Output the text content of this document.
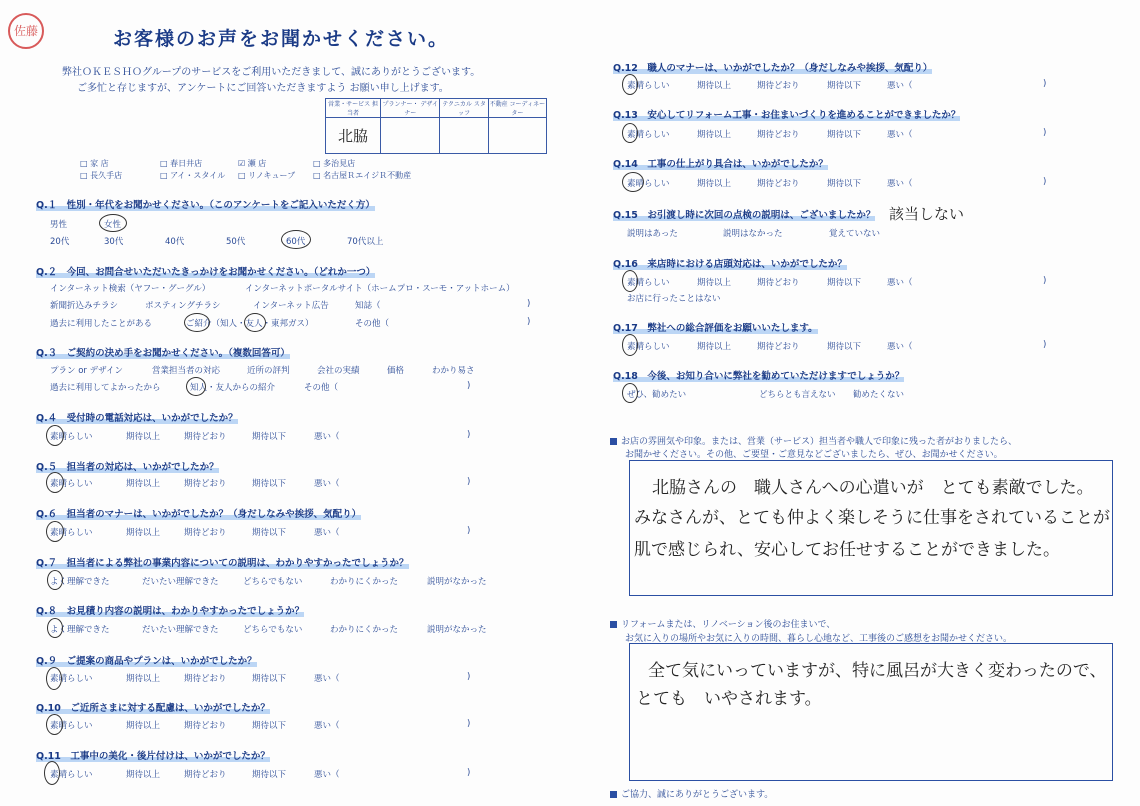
佐藤	お客様のお声をお聞かせください。
弊社ＯＫＥＳＨＯグループのサービスをご利用いただきまして、誠にありがとうございます。
ご多忙と存じますが、アンケートにご回答いただきますよう お願い申し上げます。
営業・サービス 担当者	プランナー・ デザイナー	テクニカル スタッフ	不動産 コーディネーター
北脇			
□ 家 店	□ 春日井店	☑ 瀬 店	□ 多治見店
□ 長久手店	□ アイ・スタイル □ リノキューブ □ 名古屋ＲエイジＲ不動産
Q.１　性別・年代をお聞かせください。（このアンケートをご記入いただく方）
男性	女性
20代	30代	40代	50代	60代	70代以上
Q.２　今回、お問合せいただいたきっかけをお聞かせください。（どれか一つ）
インターネット検索（ヤフー・グーグル）	インターネットポータルサイト（ホームプロ・スーモ・アットホーム）
新聞折込みチラシ	ポスティングチラシ	インターネット広告	知誌（	)
過去に利用したことがある	ご紹介（知人・友人・東邦ガス）	その他（	)
Q.３　ご契約の決め手をお聞かせください。（複数回答可）
プラン or デザイン	営業担当者の対応	近所の評判	会社の実績	価格	わかり易さ
過去に利用してよかったから	知人・友人からの紹介	その他（	)
Q.４　受付時の電話対応は、いかがでしたか？
素晴らしい	期待以上	期待どおり	期待以下	悪い（	)
Q.５　担当者の対応は、いかがでしたか？
素晴らしい	期待以上	期待どおり	期待以下	悪い（	)
Q.６　担当者のマナーは、いかがでしたか？（身だしなみや挨拶、気配り）
素晴らしい	期待以上	期待どおり	期待以下	悪い（	)
Q.７　担当者による弊社の事業内容についての説明は、わかりやすかったでしょうか？
よく理解できた	だいたい理解できた	どちらでもない	わかりにくかった	説明がなかった
Q.８　お見積り内容の説明は、わかりやすかったでしょうか？
よく理解できた	だいたい理解できた	どちらでもない	わかりにくかった	説明がなかった
Q.９　ご提案の商品やプランは、いかがでしたか？
素晴らしい	期待以上	期待どおり	期待以下	悪い（	)
Q.10　ご近所さまに対する配慮は、いかがでしたか？
素晴らしい	期待以上	期待どおり	期待以下	悪い（	)
Q.11　工事中の美化・後片付けは、いかがでしたか？
素晴らしい	期待以上	期待どおり	期待以下	悪い（	)
Q.12　職人のマナーは、いかがでしたか？（身だしなみや挨拶、気配り）
素晴らしい	期待以上	期待どおり	期待以下	悪い（	)
Q.13　安心してリフォーム工事・お住まいづくりを進めることができましたか？
素晴らしい	期待以上	期待どおり	期待以下	悪い（	)
Q.14　工事の仕上がり具合は、いかがでしたか？
素晴らしい	期待以上	期待どおり	期待以下	悪い（	)
Q.15　お引渡し時に次回の点検の説明は、ございましたか？ 該当しない
説明はあった	説明はなかった	覚えていない
Q.16　来店時における店頭対応は、いかがでしたか？
素晴らしい	期待以上	期待どおり	期待以下	悪い（	)
お店に行ったことはない
Q.17　弊社への総合評価をお願いいたします。
素晴らしい	期待以上	期待どおり	期待以下	悪い（	)
Q.18　今後、お知り合いに弊社を勧めていただけますでしょうか？
ぜひ、勧めたい	どちらとも言えない 勧めたくない
お店の雰囲気や印象。または、営業（サービス）担当者や職人で印象に残った者がおりましたら、
お聞かせください。その他、ご要望・ご意見などございましたら、ぜひ、お聞かせください。
北脇さんの　職人さんへの心遣いが　とても素敵でした。
みなさんが、とても仲よく楽しそうに仕事をされていることが
肌で感じられ、安心してお任せすることができました。
リフォームまたは、リノベーション後のお住まいで、
お気に入りの場所やお気に入りの時間、暮らし心地など、工事後のご感想をお聞かせください。
全て気にいっていますが、特に風呂が大きく変わったので、
とても　いやされます。
ご協力、誠にありがとうございます。
